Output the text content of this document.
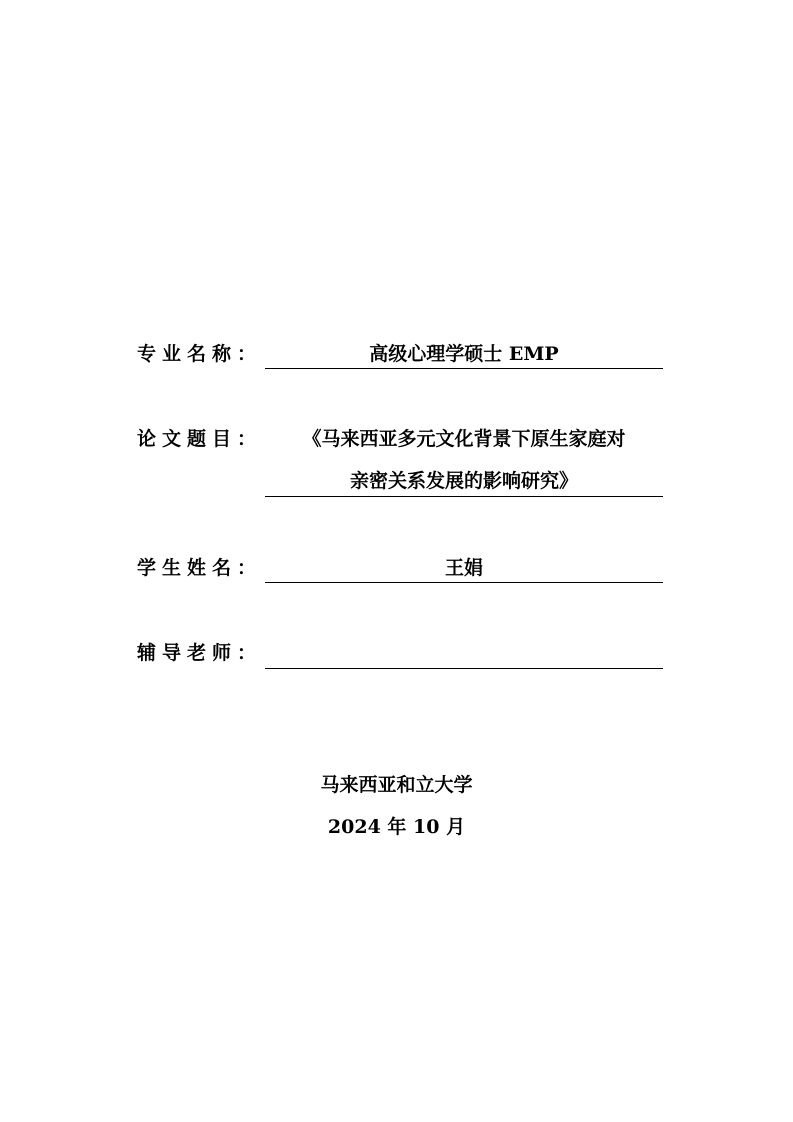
专业名称：	高级心理学硕士 EMP
论文题目：	《马来西亚多元文化背景下原生家庭对
亲密关系发展的影响研究》
学生姓名：	王娟
辅导老师：
马来西亚和立大学
2024 年 10 月
